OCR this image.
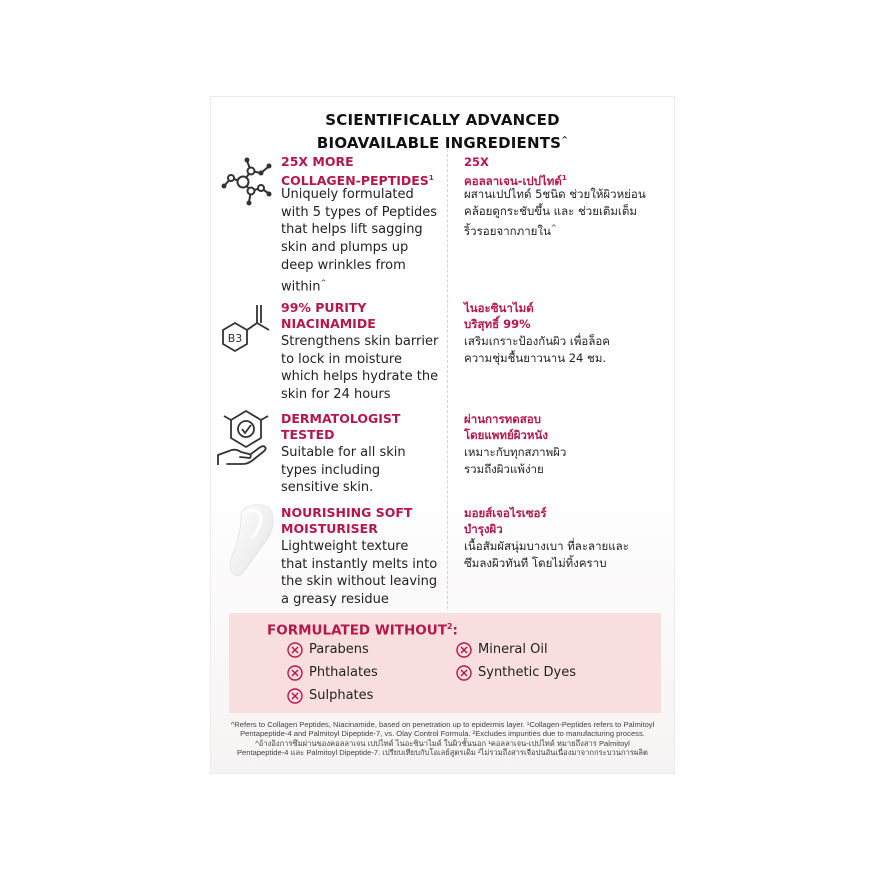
SCIENTIFICALLY ADVANCED
BIOAVAILABLE INGREDIENTS^
25X MORE
COLLAGEN-PEPTIDES$^1$
Uniquely formulated
with 5 types of Peptides
that helps lift sagging
skin and plumps up
deep wrinkles from
within^
25X
คอลลาเจน-เปปไทด์$^1$
ผสานเปปไทด์ 5ชนิด ช่วยให้ผิวหย่อน
คล้อยดูกระชับขึ้น และ ช่วยเติมเต็ม
ริ้วรอยจากภายใน^
B3
99% PURITY
NIACINAMIDE
Strengthens skin barrier
to lock in moisture
which helps hydrate the
skin for 24 hours
ไนอะซินาไมด์
บริสุทธิ์ 99%
เสริมเกราะป้องกันผิว เพื่อล็อค
ความชุ่มชื้นยาวนาน 24 ชม.
DERMATOLOGIST
TESTED
Suitable for all skin
types including
sensitive skin.
ผ่านการทดสอบ
โดยแพทย์ผิวหนัง
เหมาะกับทุกสภาพผิว
รวมถึงผิวแพ้ง่าย
NOURISHING SOFT
MOISTURISER
Lightweight texture
that instantly melts into
the skin without leaving
a greasy residue
มอยส์เจอไรเซอร์
บำรุงผิว
เนื้อสัมผัสนุ่มบางเบา ที่ละลายและ
ซึมลงผิวทันที โดยไม่ทิ้งคราบ
FORMULATED WITHOUT$^2$:
Parabens
Phthalates
Sulphates
Mineral Oil
Synthetic Dyes
^Refers to Collagen Peptides, Niacinamide, based on penetration up to epidermis layer. ¹Collagen-Peptides refers to Palmitoyl
Pentapeptide-4 and Palmitoyl Dipeptide-7, vs. Olay Control Formula. ²Excludes impurities due to manufacturing process.
^อ้างอิงการซึมผ่านของคอลลาเจน เปปไทด์ ไนอะซินาไมด์ ในผิวชั้นนอก ¹คอลลาเจน-เปปไทด์ หมายถึงสาร Palmitoyl
Pentapeptide-4 และ Palmitoyl Dipeptide-7. เปรียบเทียบกับโอเลย์สูตรเดิม ²ไม่รวมถึงสารเจือปนอันเนื่องมาจากกระบวนการผลิต
